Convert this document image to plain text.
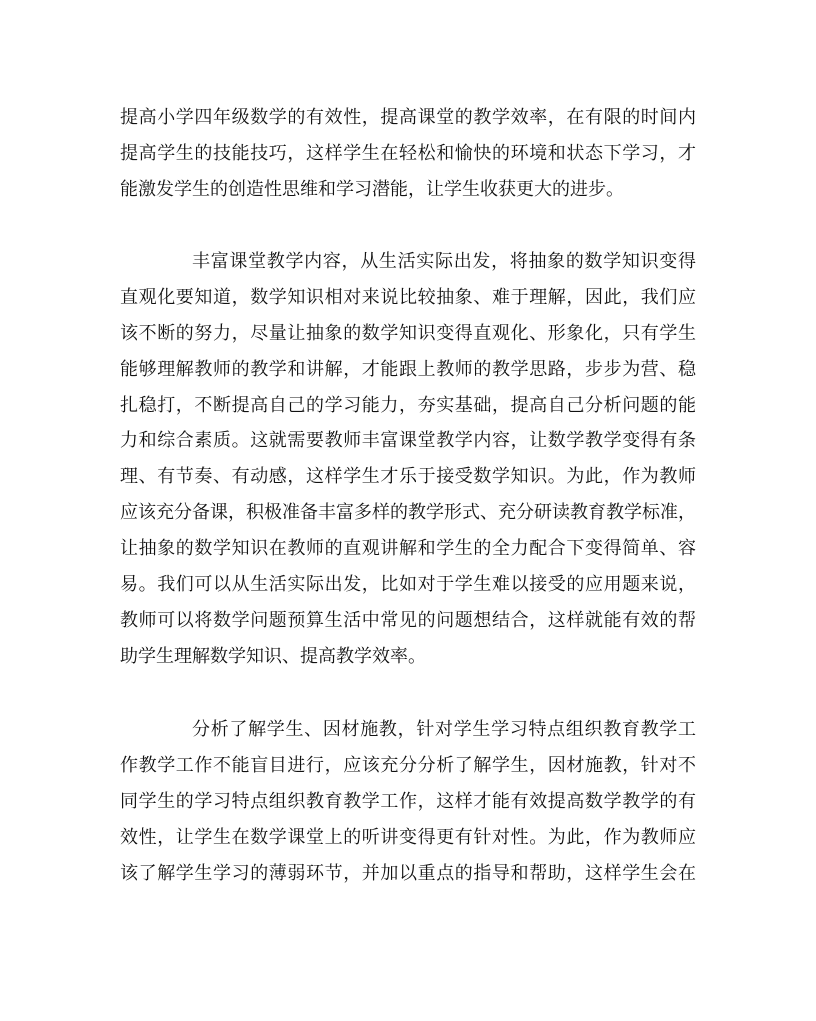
提高小学四年级数学的有效性，提高课堂的教学效率，在有限的时间内
提高学生的技能技巧，这样学生在轻松和愉快的环境和状态下学习，才
能激发学生的创造性思维和学习潜能，让学生收获更大的进步。
丰富课堂教学内容，从生活实际出发，将抽象的数学知识变得
直观化要知道，数学知识相对来说比较抽象、难于理解，因此，我们应
该不断的努力，尽量让抽象的数学知识变得直观化、形象化，只有学生
能够理解教师的教学和讲解，才能跟上教师的教学思路，步步为营、稳
扎稳打，不断提高自己的学习能力，夯实基础，提高自己分析问题的能
力和综合素质。这就需要教师丰富课堂教学内容，让数学教学变得有条
理、有节奏、有动感，这样学生才乐于接受数学知识。为此，作为教师
应该充分备课，积极准备丰富多样的教学形式、充分研读教育教学标准，
让抽象的数学知识在教师的直观讲解和学生的全力配合下变得简单、容
易。我们可以从生活实际出发，比如对于学生难以接受的应用题来说，
教师可以将数学问题预算生活中常见的问题想结合，这样就能有效的帮
助学生理解数学知识、提高教学效率。
分析了解学生、因材施教，针对学生学习特点组织教育教学工
作教学工作不能盲目进行，应该充分分析了解学生，因材施教，针对不
同学生的学习特点组织教育教学工作，这样才能有效提高数学教学的有
效性，让学生在数学课堂上的听讲变得更有针对性。为此，作为教师应
该了解学生学习的薄弱环节，并加以重点的指导和帮助，这样学生会在
